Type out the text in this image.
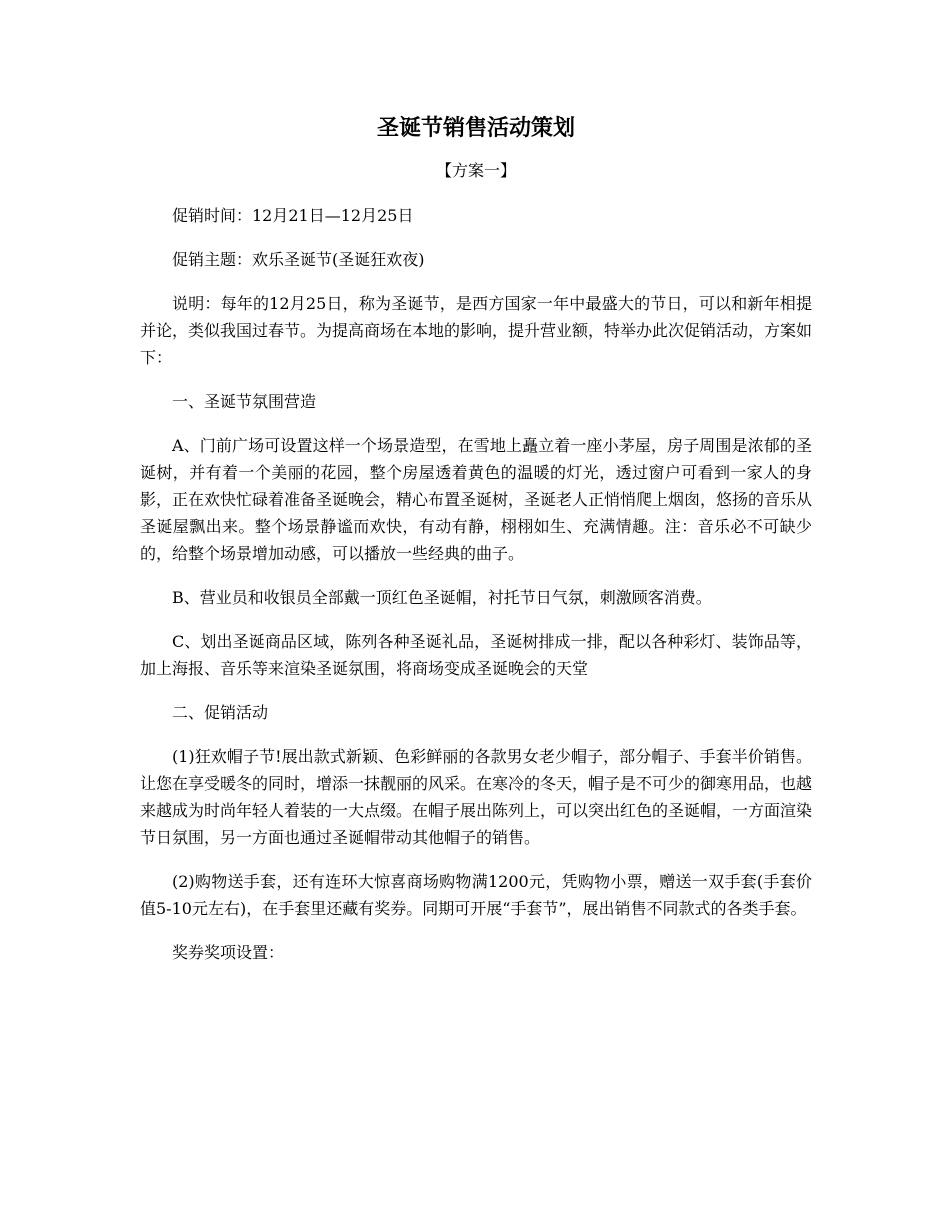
圣诞节销售活动策划
【方案一】

促销时间：12月21日—12月25日

促销主题：欢乐圣诞节(圣诞狂欢夜)

说明：每年的12月25日，称为圣诞节，是西方国家一年中最盛大的节日，可以和新年相提并论，类似我国过春节。为提高商场在本地的影响，提升营业额，特举办此次促销活动，方案如下：

一、圣诞节氛围营造

A、门前广场可设置这样一个场景造型，在雪地上矗立着一座小茅屋，房子周围是浓郁的圣诞树，并有着一个美丽的花园，整个房屋透着黄色的温暖的灯光，透过窗户可看到一家人的身影，正在欢快忙碌着准备圣诞晚会，精心布置圣诞树，圣诞老人正悄悄爬上烟囱，悠扬的音乐从圣诞屋飘出来。整个场景静谧而欢快，有动有静，栩栩如生、充满情趣。注：音乐必不可缺少的，给整个场景增加动感，可以播放一些经典的曲子。

B、营业员和收银员全部戴一顶红色圣诞帽，衬托节日气氛，刺激顾客消费。

C、划出圣诞商品区域，陈列各种圣诞礼品，圣诞树排成一排，配以各种彩灯、装饰品等，加上海报、音乐等来渲染圣诞氛围，将商场变成圣诞晚会的天堂

二、促销活动

(1)狂欢帽子节!展出款式新颖、色彩鲜丽的各款男女老少帽子，部分帽子、手套半价销售。让您在享受暖冬的同时，增添一抹靓丽的风采。在寒冷的冬天，帽子是不可少的御寒用品，也越来越成为时尚年轻人着装的一大点缀。在帽子展出陈列上，可以突出红色的圣诞帽，一方面渲染节日氛围，另一方面也通过圣诞帽带动其他帽子的销售。

(2)购物送手套，还有连环大惊喜商场购物满1200元，凭购物小票，赠送一双手套(手套价值5-10元左右)，在手套里还藏有奖券。同期可开展“手套节”，展出销售不同款式的各类手套。

奖券奖项设置：
